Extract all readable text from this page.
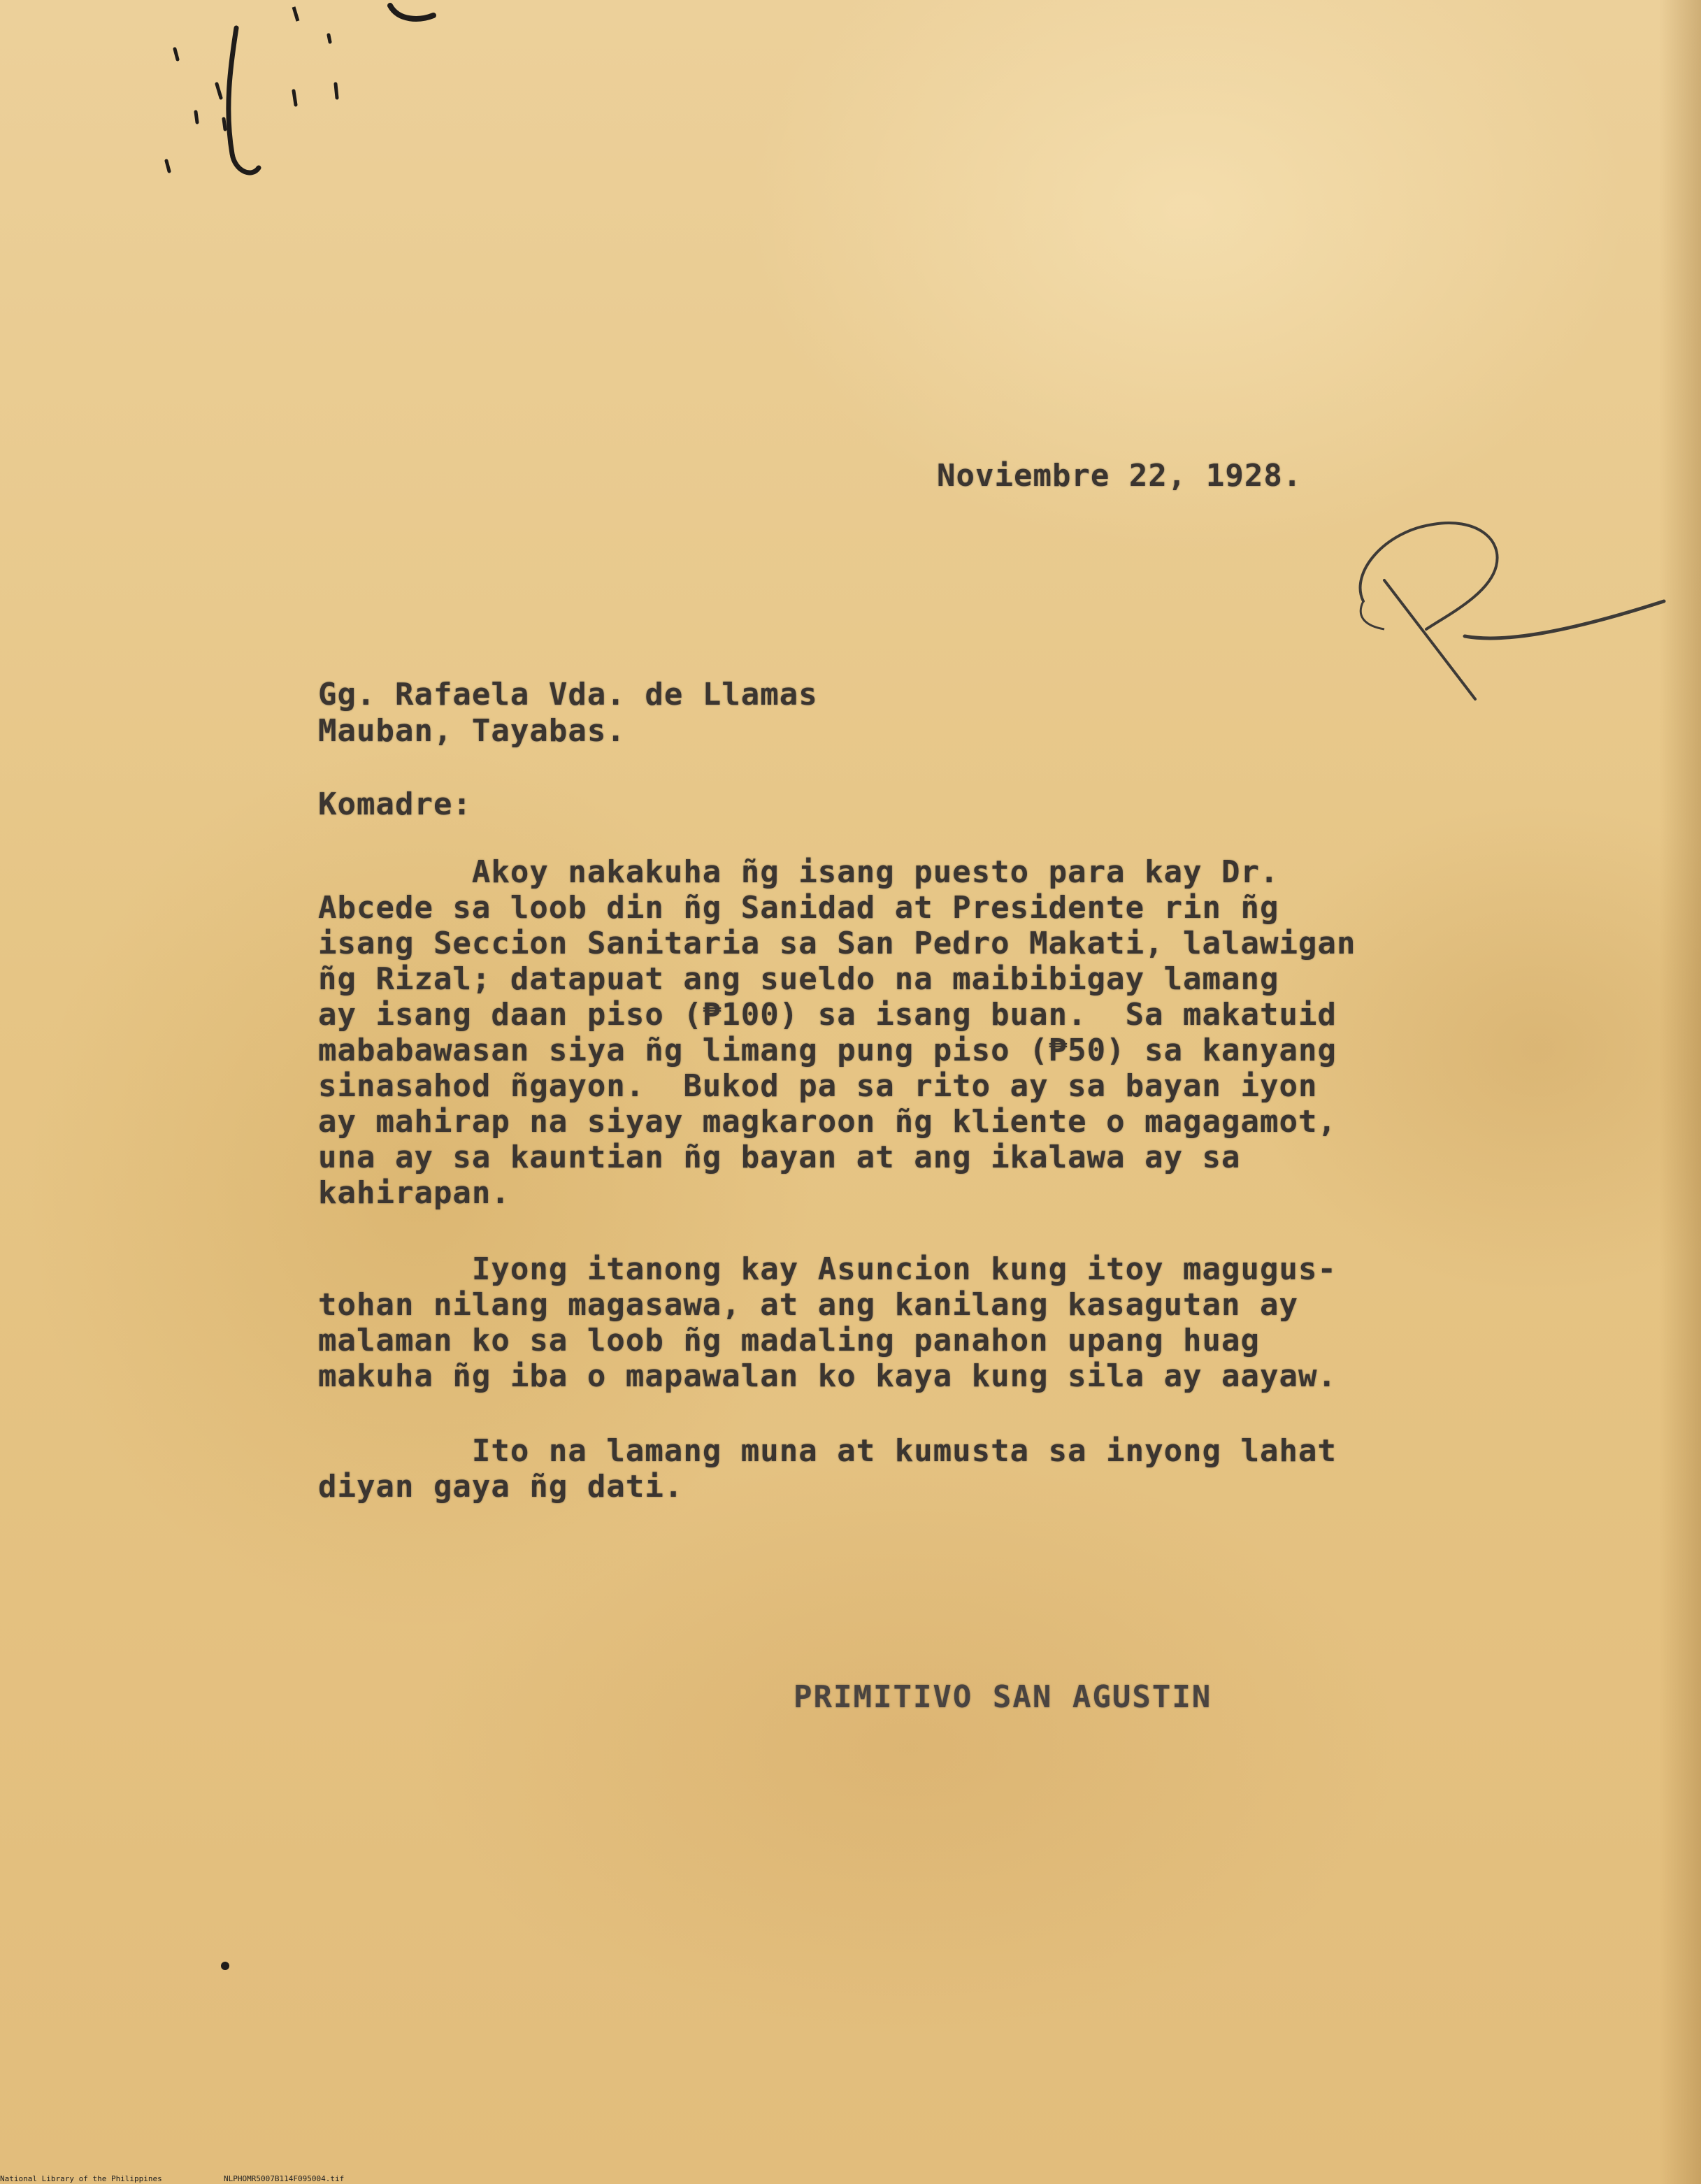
Noviembre 22, 1928.
Gg. Rafaela Vda. de Llamas
Mauban, Tayabas.
Komadre:
Akoy nakakuha ñg isang puesto para kay Dr.
Abcede sa loob din ñg Sanidad at Presidente rin ñg
isang Seccion Sanitaria sa San Pedro Makati, lalawigan
ñg Rizal; datapuat ang sueldo na maibibigay lamang
ay isang daan piso (₱100) sa isang buan.  Sa makatuid
mababawasan siya ñg limang pung piso (₱50) sa kanyang
sinasahod ñgayon.  Bukod pa sa rito ay sa bayan iyon
ay mahirap na siyay magkaroon ñg kliente o magagamot,
una ay sa kauntian ñg bayan at ang ikalawa ay sa
kahirapan.
Iyong itanong kay Asuncion kung itoy magugus-
tohan nilang magasawa, at ang kanilang kasagutan ay
malaman ko sa loob ñg madaling panahon upang huag
makuha ñg iba o mapawalan ko kaya kung sila ay aayaw.
Ito na lamang muna at kumusta sa inyong lahat
diyan gaya ñg dati.
PRIMITIVO SAN AGUSTIN
National Library of the Philippines	NLPHOMR5007B114F095004.tif
